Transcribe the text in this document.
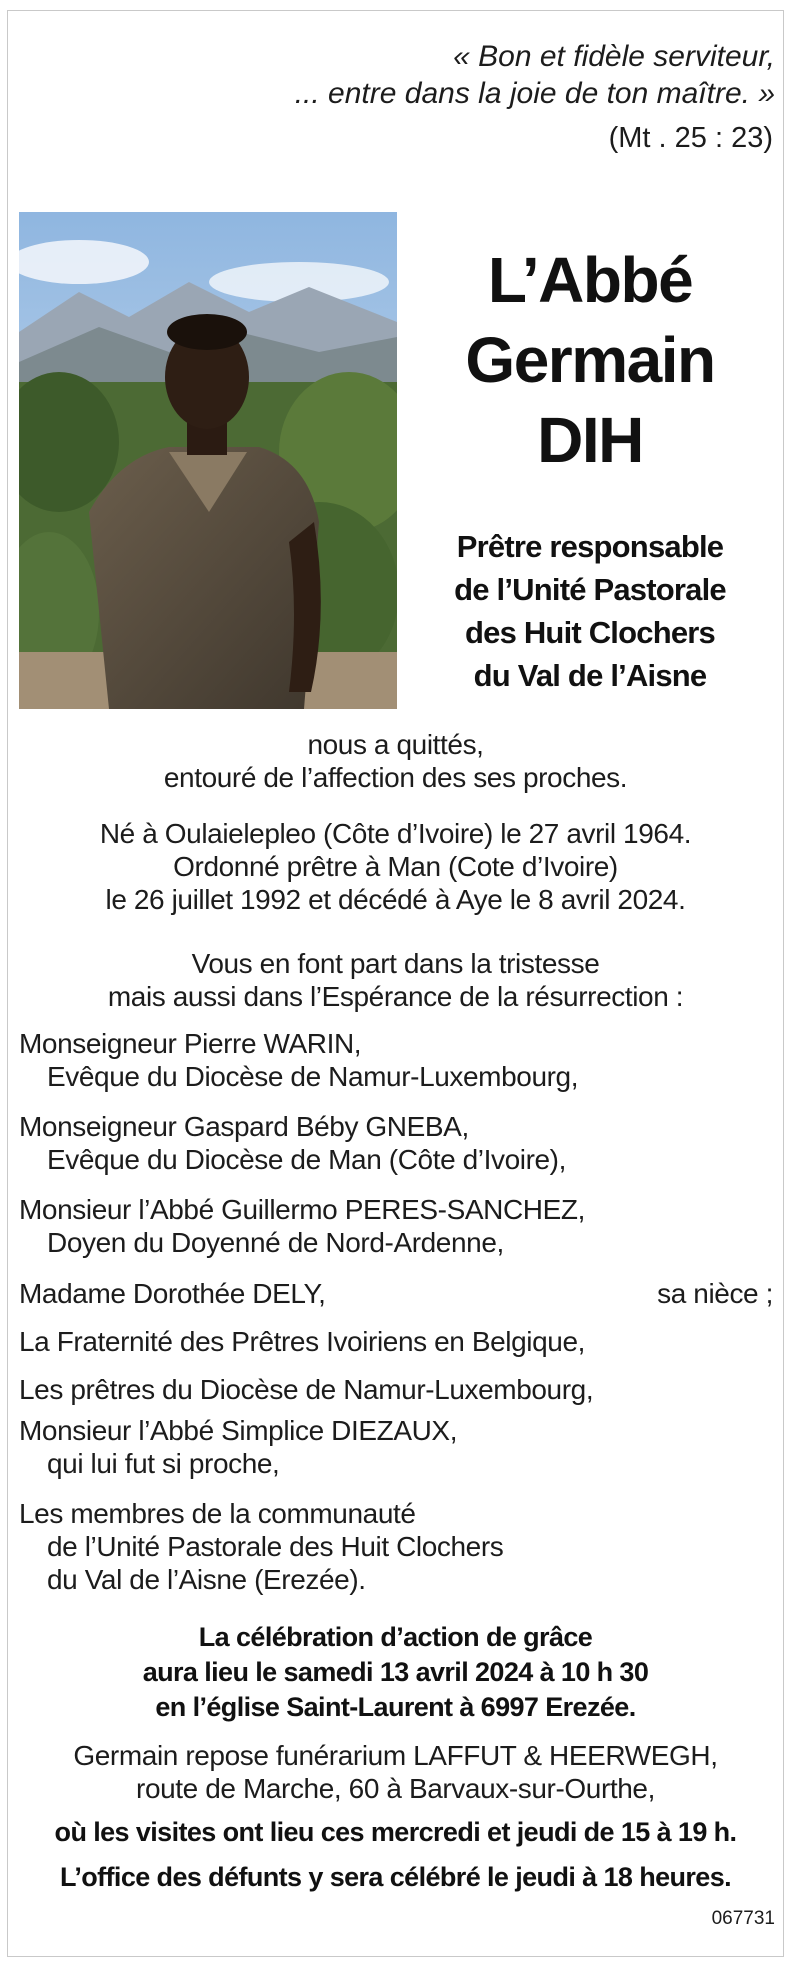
« Bon et fidèle serviteur,
... entre dans la joie de ton maître. »
(Mt . 25 : 23)
L’Abbé
Germain
DIH
Prêtre responsable
de l’Unité Pastorale
des Huit Clochers
du Val de l’Aisne
nous a quittés,
entouré de l’affection des ses proches.
Né à Oulaielepleo (Côte d’Ivoire) le 27 avril 1964.
Ordonné prêtre à Man (Cote d’Ivoire)
le 26 juillet 1992 et décédé à Aye le 8 avril 2024.
Vous en font part dans la tristesse
mais aussi dans l’Espérance de la résurrection :
Monseigneur Pierre WARIN,
Evêque du Diocèse de Namur-Luxembourg,
Monseigneur Gaspard Béby GNEBA,
Evêque du Diocèse de Man (Côte d’Ivoire),
Monsieur l’Abbé Guillermo PERES-SANCHEZ,
Doyen du Doyenné de Nord-Ardenne,
Madame Dorothée DELY,	sa nièce ;
La Fraternité des Prêtres Ivoiriens en Belgique,
Les prêtres du Diocèse de Namur-Luxembourg,
Monsieur l’Abbé Simplice DIEZAUX,
qui lui fut si proche,
Les membres de la communauté
de l’Unité Pastorale des Huit Clochers
du Val de l’Aisne (Erezée).
La célébration d’action de grâce
aura lieu le samedi 13 avril 2024 à 10 h 30
en l’église Saint-Laurent à 6997 Erezée.
Germain repose funérarium LAFFUT & HEERWEGH,
route de Marche, 60 à Barvaux-sur-Ourthe,
où les visites ont lieu ces mercredi et jeudi de 15 à 19 h.
L’office des défunts y sera célébré le jeudi à 18 heures.
067731
